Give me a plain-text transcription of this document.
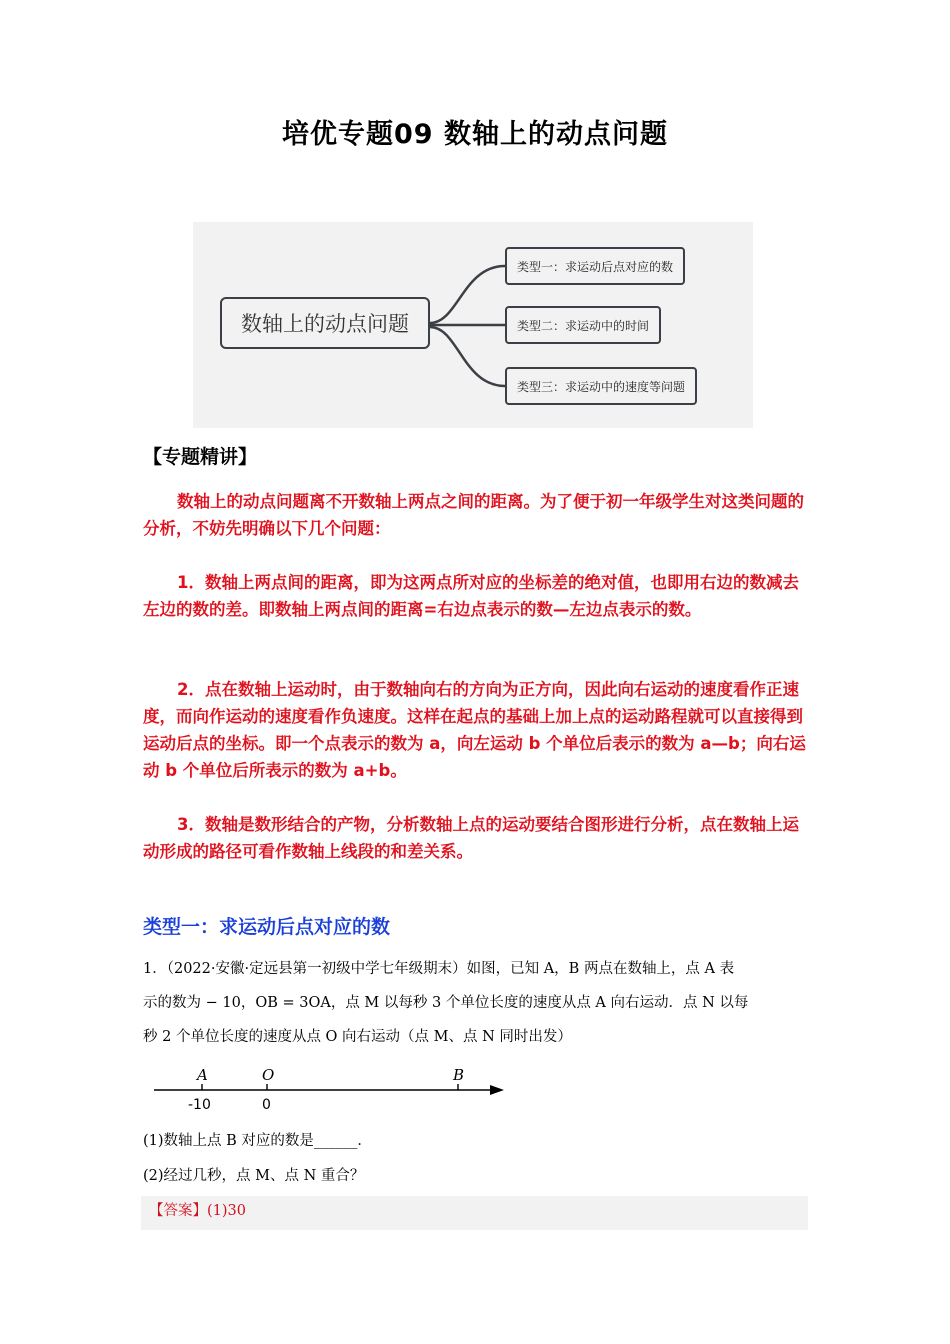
培优专题09 数轴上的动点问题
数轴上的动点问题
类型一：求运动后点对应的数
类型二：求运动中的时间
类型三：求运动中的速度等问题
【专题精讲】
数轴上的动点问题离不开数轴上两点之间的距离。为了便于初一年级学生对这类问题的分析，不妨先明确以下几个问题：
1．数轴上两点间的距离，即为这两点所对应的坐标差的绝对值，也即用右边的数减去左边的数的差。即数轴上两点间的距离=右边点表示的数—左边点表示的数。
2．点在数轴上运动时，由于数轴向右的方向为正方向，因此向右运动的速度看作正速度，而向作运动的速度看作负速度。这样在起点的基础上加上点的运动路程就可以直接得到运动后点的坐标。即一个点表示的数为 a，向左运动 b 个单位后表示的数为 a—b；向右运动 b 个单位后所表示的数为 a+b。
3．数轴是数形结合的产物，分析数轴上点的运动要结合图形进行分析，点在数轴上运动形成的路径可看作数轴上线段的和差关系。
类型一：求运动后点对应的数
1．（2022·安徽·定远县第一初级中学七年级期末）如图，已知 A，B 两点在数轴上，点 A 表
示的数为 − 10，OB = 3OA，点 M 以每秒 3 个单位长度的速度从点 A 向右运动．点 N 以每
秒 2 个单位长度的速度从点 O 向右运动（点 M、点 N 同时出发）
A	O	B
-10	0
(1)数轴上点 B 对应的数是______．
(2)经过几秒，点 M、点 N 重合？
【答案】(1)30
